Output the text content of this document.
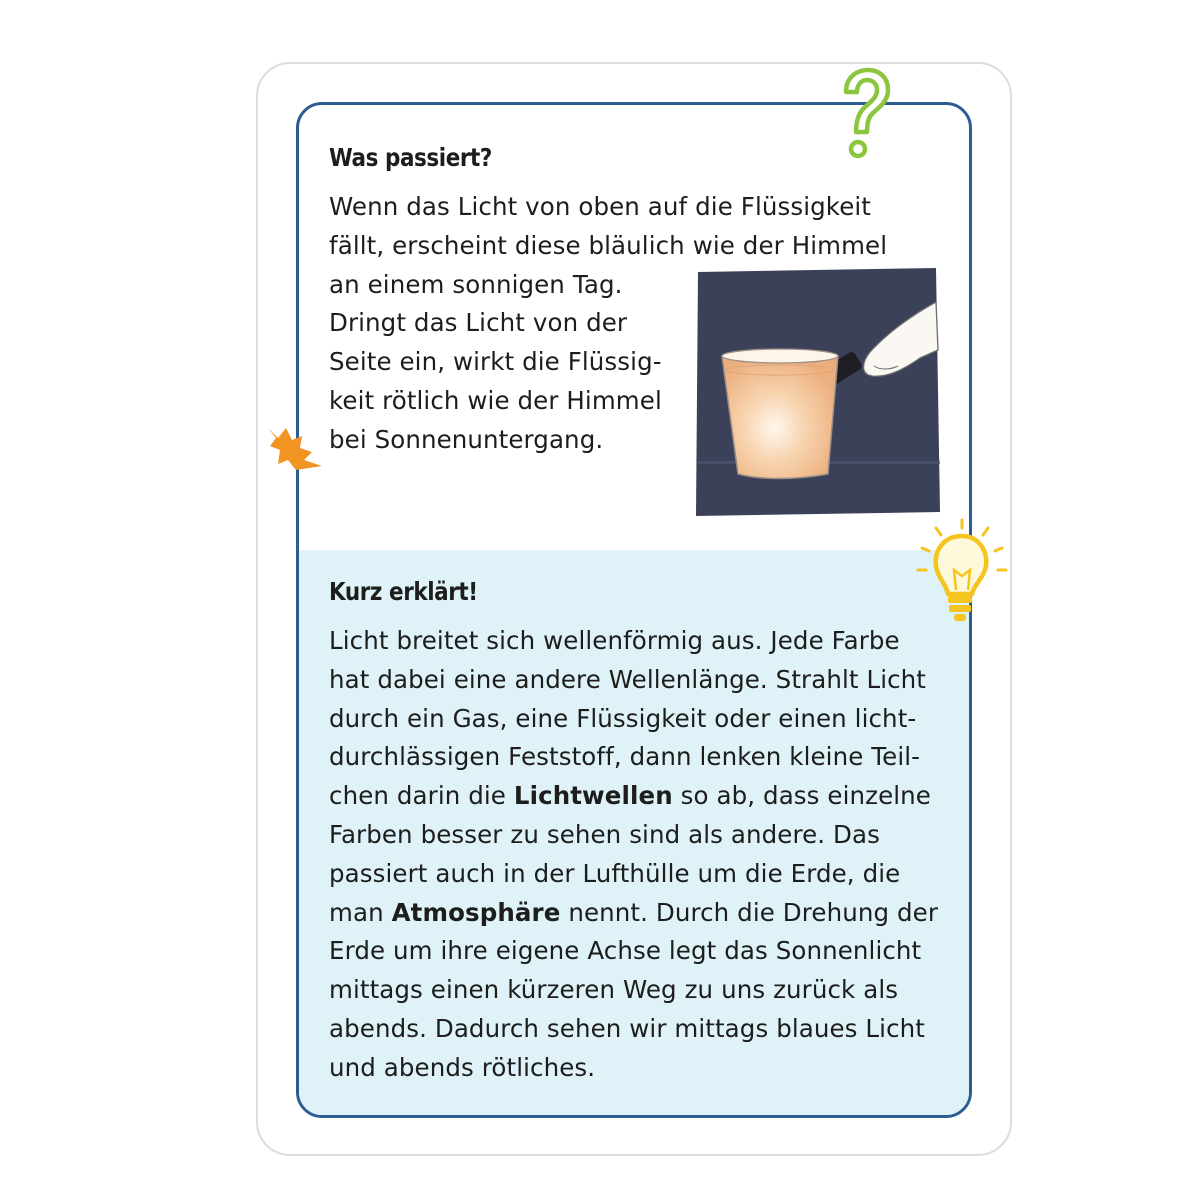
Was passiert?
Wenn das Licht von oben auf die Flüssigkeit
fällt, erscheint diese bläulich wie der Himmel
an einem sonnigen Tag.
Dringt das Licht von der
Seite ein, wirkt die Flüssig-
keit rötlich wie der Himmel
bei Sonnenuntergang.
Kurz erklärt!
Licht breitet sich wellenförmig aus. Jede Farbe
hat dabei eine andere Wellenlänge. Strahlt Licht
durch ein Gas, eine Flüssigkeit oder einen licht-
durchlässigen Feststoff, dann lenken kleine Teil-
chen darin die Lichtwellen so ab, dass einzelne
Farben besser zu sehen sind als andere. Das
passiert auch in der Lufthülle um die Erde, die
man Atmosphäre nennt. Durch die Drehung der
Erde um ihre eigene Achse legt das Sonnenlicht
mittags einen kürzeren Weg zu uns zurück als
abends. Dadurch sehen wir mittags blaues Licht
und abends rötliches.
